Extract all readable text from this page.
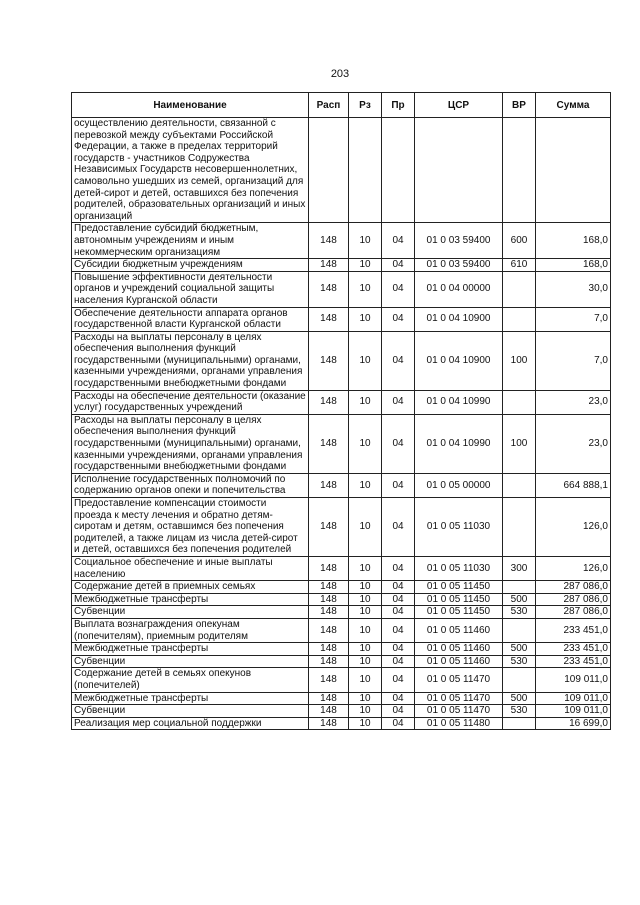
203
Наименование	Расп	Рз	Пр	ЦСР	ВР	Сумма
осуществлению деятельности, связанной с перевозкой между субъектами Российской Федерации, а также в пределах территорий государств - участников Содружества Независимых Государств несовершеннолетних, самовольно ушедших из семей, организаций для детей-сирот и детей, оставшихся без попечения родителей, образовательных организаций и иных организаций						
Предоставление субсидий бюджетным, автономным учреждениям и иным некоммерческим организациям	148	10	04	01 0 03 59400	600	168,0
Субсидии бюджетным учреждениям	148	10	04	01 0 03 59400	610	168,0
Повышение эффективности деятельности органов и учреждений социальной защиты населения Курганской области	148	10	04	01 0 04 00000		30,0
Обеспечение деятельности аппарата органов государственной власти Курганской области	148	10	04	01 0 04 10900		7,0
Расходы на выплаты персоналу в целях обеспечения выполнения функций государственными (муниципальными) органами, казенными учреждениями, органами управления государственными внебюджетными фондами	148	10	04	01 0 04 10900	100	7,0
Расходы на обеспечение деятельности (оказание услуг) государственных учреждений	148	10	04	01 0 04 10990		23,0
Расходы на выплаты персоналу в целях обеспечения выполнения функций государственными (муниципальными) органами, казенными учреждениями, органами управления государственными внебюджетными фондами	148	10	04	01 0 04 10990	100	23,0
Исполнение государственных полномочий по содержанию органов опеки и попечительства	148	10	04	01 0 05 00000		664 888,1
Предоставление компенсации стоимости проезда к месту лечения и обратно детям-сиротам и детям, оставшимся без попечения родителей, а также лицам из числа детей-сирот и детей, оставшихся без попечения родителей	148	10	04	01 0 05 11030		126,0
Социальное обеспечение и иные выплаты населению	148	10	04	01 0 05 11030	300	126,0
Содержание детей в приемных семьях	148	10	04	01 0 05 11450		287 086,0
Межбюджетные трансферты	148	10	04	01 0 05 11450	500	287 086,0
Субвенции	148	10	04	01 0 05 11450	530	287 086,0
Выплата вознаграждения опекунам (попечителям), приемным родителям	148	10	04	01 0 05 11460		233 451,0
Межбюджетные трансферты	148	10	04	01 0 05 11460	500	233 451,0
Субвенции	148	10	04	01 0 05 11460	530	233 451,0
Содержание детей в семьях опекунов (попечителей)	148	10	04	01 0 05 11470		109 011,0
Межбюджетные трансферты	148	10	04	01 0 05 11470	500	109 011,0
Субвенции	148	10	04	01 0 05 11470	530	109 011,0
Реализация мер социальной поддержки	148	10	04	01 0 05 11480		16 699,0
